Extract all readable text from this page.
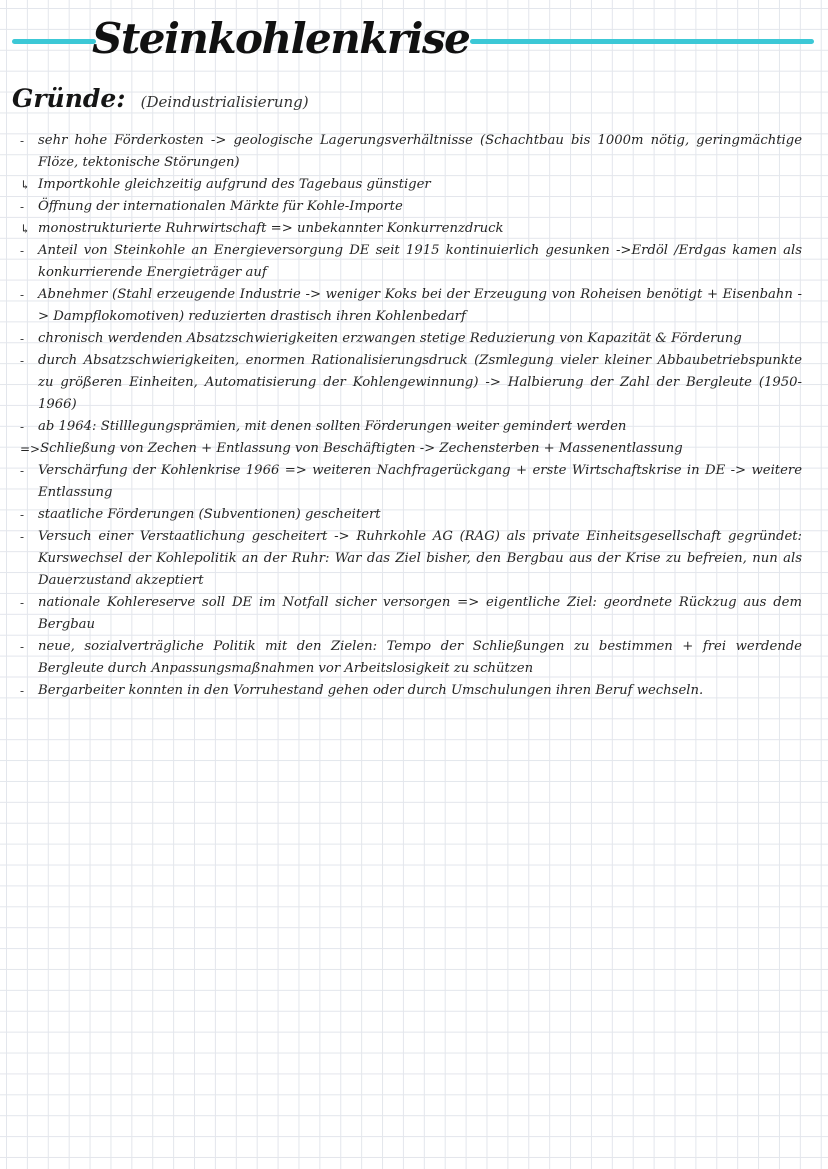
Steinkohlenkrise
Gründe: (Deindustrialisierung)
-	sehr hohe Förderkosten -> geologische Lagerungsverhältnisse (Schachtbau bis 1000m nötig, geringmächtige Flöze, tektonische Störungen)
↳ Importkohle gleichzeitig aufgrund des Tagebaus günstiger
-	Öffnung der internationalen Märkte für Kohle-Importe
↳ monostrukturierte Ruhrwirtschaft => unbekannter Konkurrenzdruck
-	Anteil von Steinkohle an Energieversorgung DE seit 1915 kontinuierlich gesunken ->Erdöl /Erdgas kamen als konkurrierende Energieträger auf
-	Abnehmer (Stahl erzeugende Industrie -> weniger Koks bei der Erzeugung von Roheisen benötigt + Eisenbahn -> Dampflokomotiven) reduzierten drastisch ihren Kohlenbedarf
-	chronisch werdenden Absatzschwierigkeiten erzwangen stetige Reduzierung von Kapazität & Förderung
-	durch Absatzschwierigkeiten, enormen Rationalisierungsdruck (Zsmlegung vieler kleiner Abbaubetriebspunkte zu größeren Einheiten, Automatisierung der Kohlengewinnung) -> Halbierung der Zahl der Bergleute (1950-1966)
-	ab 1964: Stilllegungsprämien, mit denen sollten Förderungen weiter gemindert werden
=> Schließung von Zechen + Entlassung von Beschäftigten -> Zechensterben + Massenentlassung
-	Verschärfung der Kohlenkrise 1966 => weiteren Nachfragerückgang + erste Wirtschaftskrise in DE -> weitere Entlassung
-	staatliche Förderungen (Subventionen) gescheitert
-	Versuch einer Verstaatlichung gescheitert -> Ruhrkohle AG (RAG) als private Einheitsgesellschaft gegründet: Kurswechsel der Kohlepolitik an der Ruhr: War das Ziel bisher, den Bergbau aus der Krise zu befreien, nun als Dauerzustand akzeptiert
-	nationale Kohlereserve soll DE im Notfall sicher versorgen => eigentliche Ziel: geordnete Rückzug aus dem Bergbau
-	neue, sozialverträgliche Politik mit den Zielen: Tempo der Schließungen zu bestimmen + frei werdende Bergleute durch Anpassungsmaßnahmen vor Arbeitslosigkeit zu schützen
-	Bergarbeiter konnten in den Vorruhestand gehen oder durch Umschulungen ihren Beruf wechseln.
